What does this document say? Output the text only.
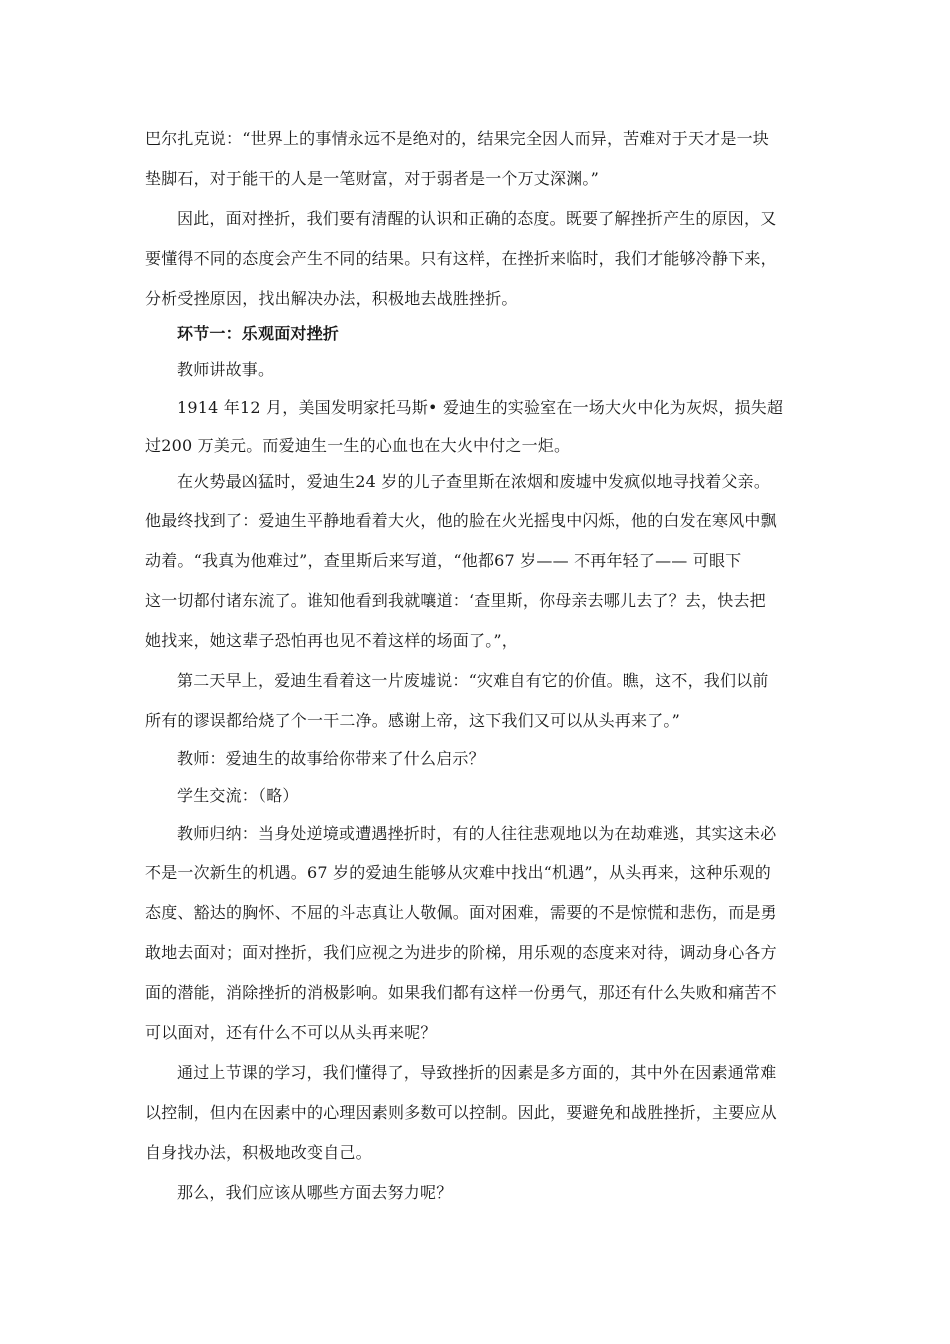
巴尔扎克说：“世界上的事情永远不是绝对的，结果完全因人而异，苦难对于天才是一块
垫脚石，对于能干的人是一笔财富，对于弱者是一个万丈深渊。”
因此，面对挫折，我们要有清醒的认识和正确的态度。既要了解挫折产生的原因，又
要懂得不同的态度会产生不同的结果。只有这样，在挫折来临时，我们才能够冷静下来，
分析受挫原因，找出解决办法，积极地去战胜挫折。
环节一：乐观面对挫折
教师讲故事。
1914 年12 月，美国发明家托马斯• 爱迪生的实验室在一场大火中化为灰烬，损失超
过200 万美元。而爱迪生一生的心血也在大火中付之一炬。
在火势最凶猛时，爱迪生24 岁的儿子查里斯在浓烟和废墟中发疯似地寻找着父亲。
他最终找到了：爱迪生平静地看着大火，他的脸在火光摇曳中闪烁，他的白发在寒风中飘
动着。“我真为他难过”，查里斯后来写道，“他都67 岁—— 不再年轻了—— 可眼下
这一切都付诸东流了。谁知他看到我就嚷道：‘查里斯，你母亲去哪儿去了？去，快去把
她找来，她这辈子恐怕再也见不着这样的场面了。”，
第二天早上，爱迪生看着这一片废墟说：“灾难自有它的价值。瞧，这不，我们以前
所有的谬误都给烧了个一干二净。感谢上帝，这下我们又可以从头再来了。”
教师：爱迪生的故事给你带来了什么启示？
学生交流：（略）
教师归纳：当身处逆境或遭遇挫折时，有的人往往悲观地以为在劫难逃，其实这未必
不是一次新生的机遇。67 岁的爱迪生能够从灾难中找出“机遇”，从头再来，这种乐观的
态度、豁达的胸怀、不屈的斗志真让人敬佩。面对困难，需要的不是惊慌和悲伤，而是勇
敢地去面对；面对挫折，我们应视之为进步的阶梯，用乐观的态度来对待，调动身心各方
面的潜能，消除挫折的消极影响。如果我们都有这样一份勇气，那还有什么失败和痛苦不
可以面对，还有什么不可以从头再来呢？
通过上节课的学习，我们懂得了，导致挫折的因素是多方面的，其中外在因素通常难
以控制，但内在因素中的心理因素则多数可以控制。因此，要避免和战胜挫折，主要应从
自身找办法，积极地改变自己。
那么，我们应该从哪些方面去努力呢？
